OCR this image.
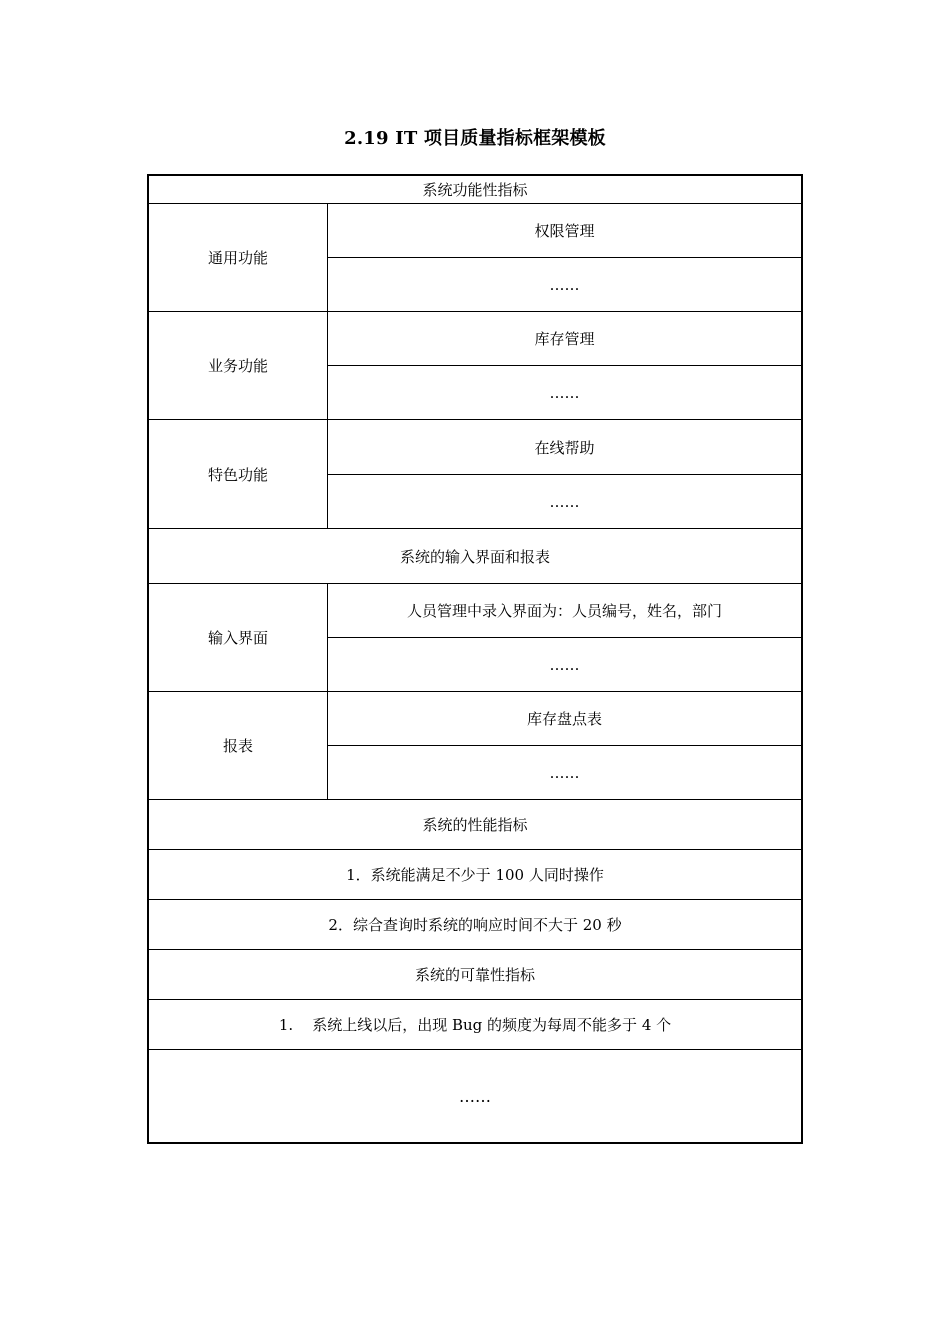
2.19 IT 项目质量指标框架模板
系统功能性指标
通用功能
权限管理
……
业务功能
库存管理
……
特色功能
在线帮助
……
系统的输入界面和报表
输入界面
人员管理中录入界面为：人员编号，姓名，部门
……
报表
库存盘点表
……
系统的性能指标
1．系统能满足不少于 100 人同时操作
2．综合查询时系统的响应时间不大于 20 秒
系统的可靠性指标
1.    系统上线以后，出现 Bug 的频度为每周不能多于 4 个
……
